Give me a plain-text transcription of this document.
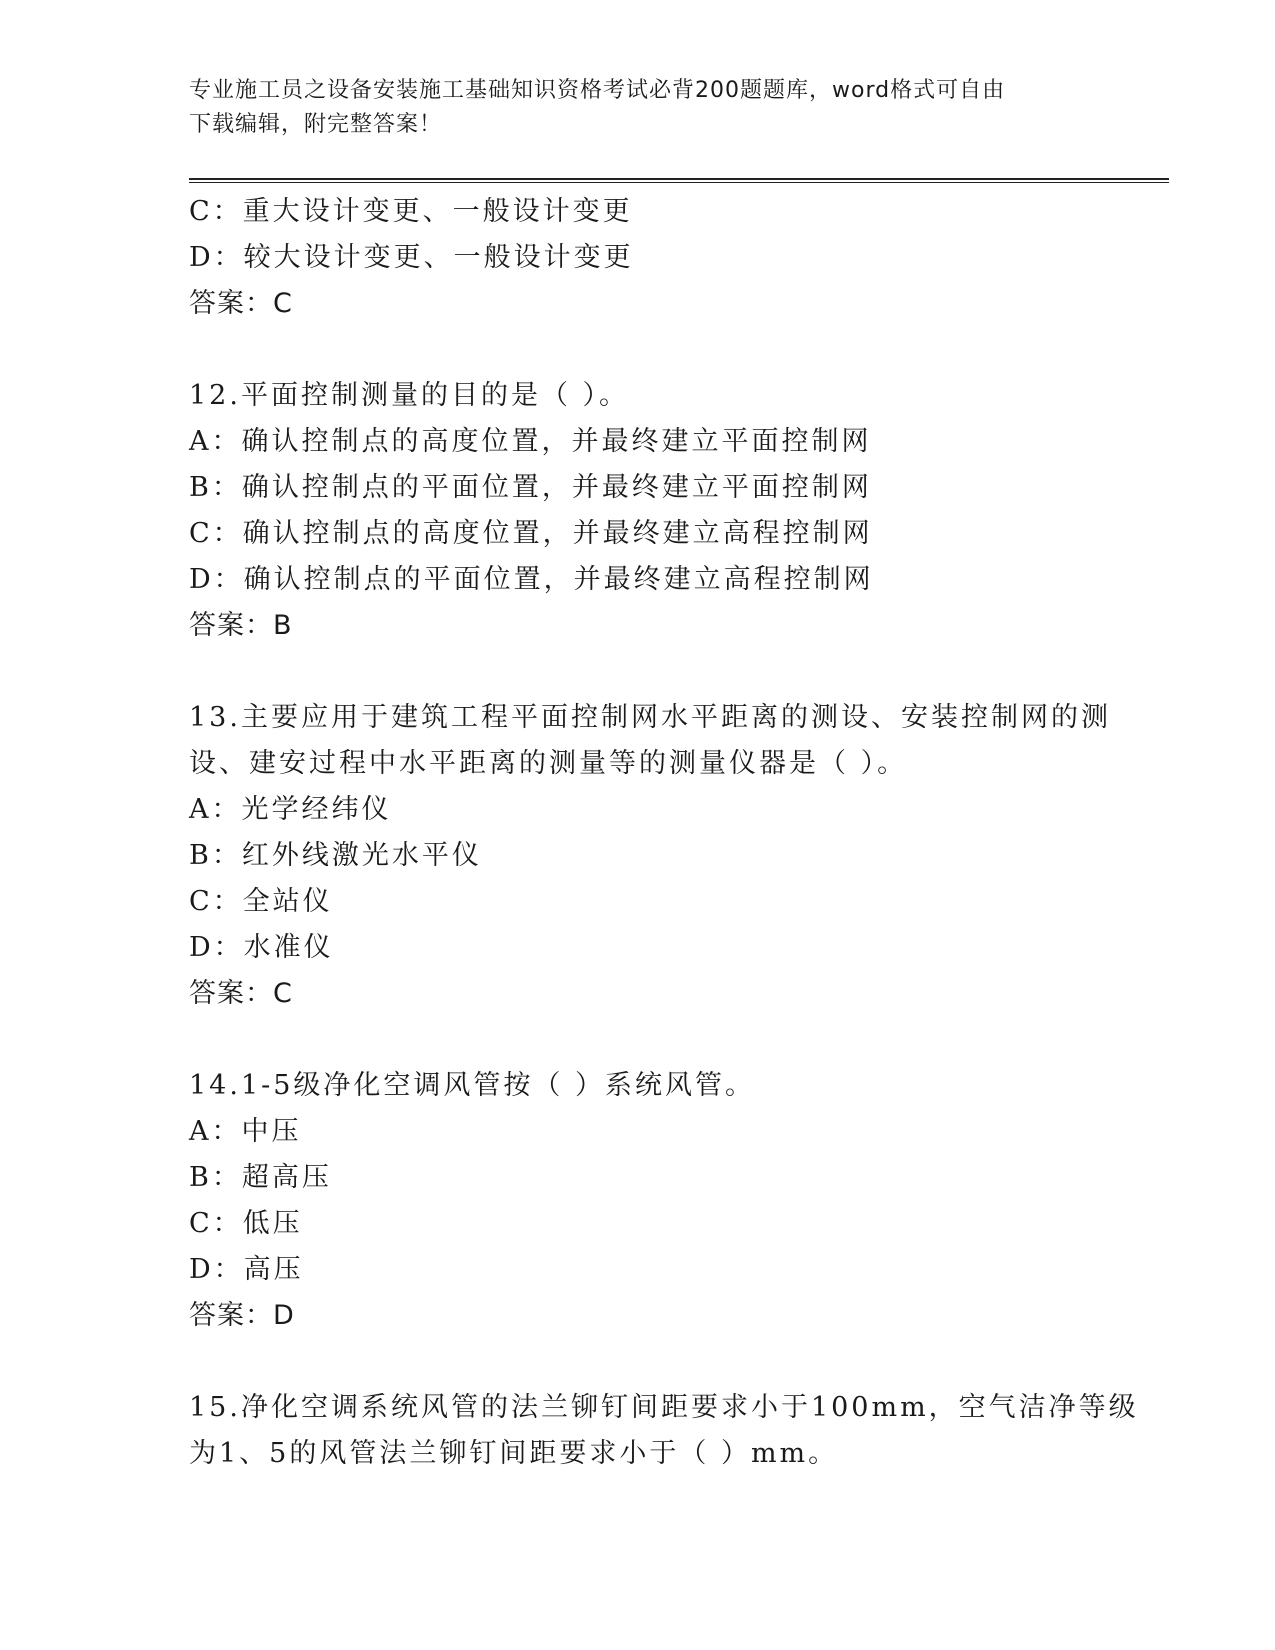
专业施工员之设备安装施工基础知识资格考试必背200题题库，word格式可自由
下载编辑，附完整答案！
C：重大设计变更、一般设计变更
D：较大设计变更、一般设计变更
答案：C
12.平面控制测量的目的是（ ）。
A：确认控制点的高度位置，并最终建立平面控制网
B：确认控制点的平面位置，并最终建立平面控制网
C：确认控制点的高度位置，并最终建立高程控制网
D：确认控制点的平面位置，并最终建立高程控制网
答案：B
13.主要应用于建筑工程平面控制网水平距离的测设、安装控制网的测
设、建安过程中水平距离的测量等的测量仪器是（ ）。
A：光学经纬仪
B：红外线激光水平仪
C：全站仪
D：水准仪
答案：C
14.1-5级净化空调风管按（ ）系统风管。
A：中压
B：超高压
C：低压
D：高压
答案：D
15.净化空调系统风管的法兰铆钉间距要求小于100mm，空气洁净等级
为1、5的风管法兰铆钉间距要求小于（ ）mm。
